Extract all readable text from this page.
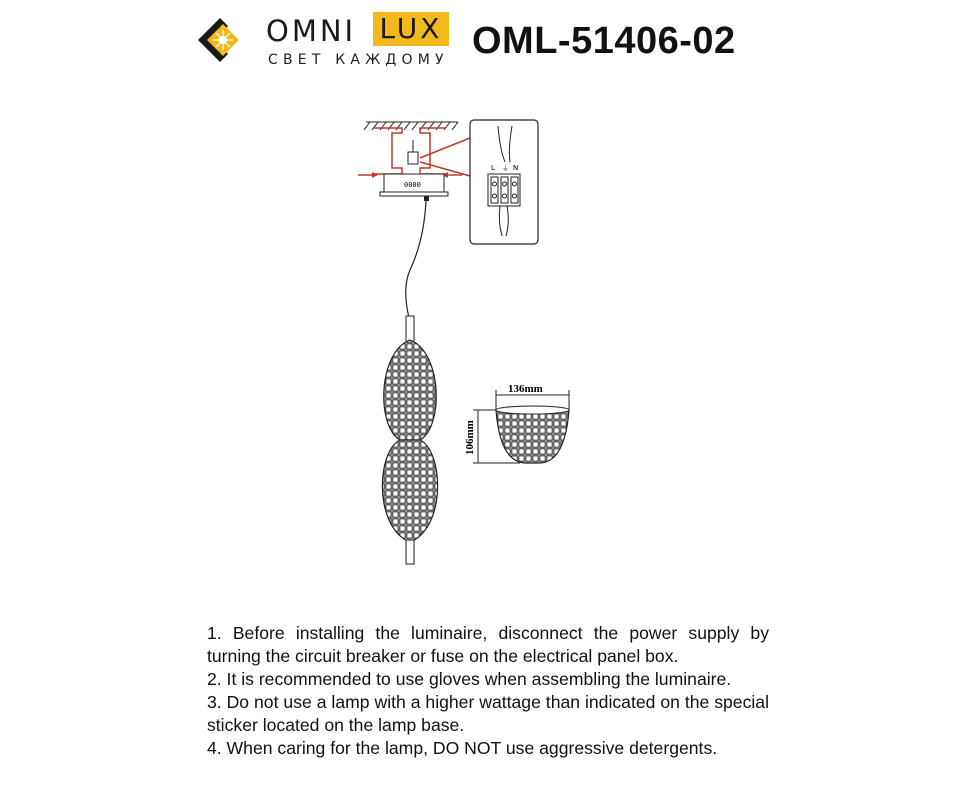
OMNI LUX
СВЕТ КАЖДОМУ OML-51406-02
0000
L ⏚ N
136mm
106mm

1. Before installing the luminaire, disconnect the power supply by turning the circuit breaker or fuse on the electrical panel box.

2. It is recommended to use gloves when assembling the luminaire.

3. Do not use a lamp with a higher wattage than indicated on the special sticker located on the lamp base.

4. When caring for the lamp, DO NOT use aggressive detergents.
